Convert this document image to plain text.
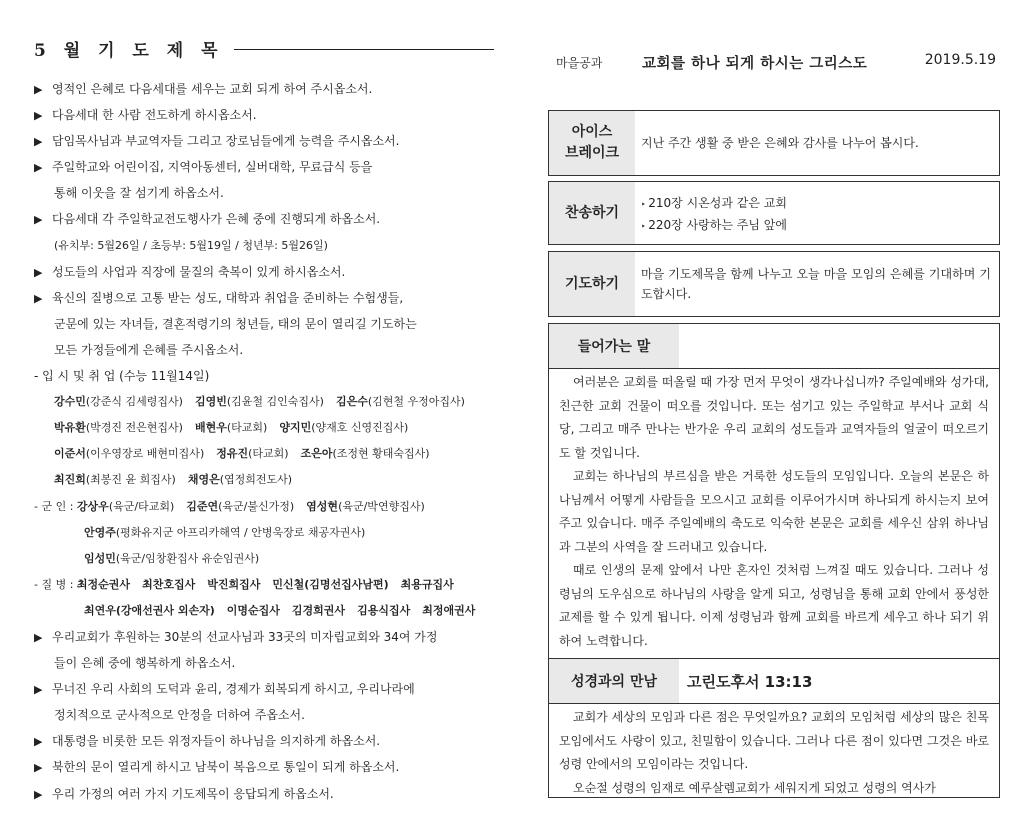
5 월 기 도 제 목
▶ 영적인 은혜로 다음세대를 세우는 교회 되게 하여 주시옵소서.
▶ 다음세대 한 사람 전도하게 하시옵소서.
▶ 담임목사님과 부교역자들 그리고 장로님들에게 능력을 주시옵소서.
▶ 주일학교와 어린이집, 지역아동센터, 실버대학, 무료급식 등을
통해 이웃을 잘 섬기게 하옵소서.
▶ 다음세대 각 주일학교전도행사가 은혜 중에 진행되게 하옵소서.
(유치부: 5월26일 / 초등부: 5월19일 / 청년부: 5월26일)
▶ 성도들의 사업과 직장에 물질의 축복이 있게 하시옵소서.
▶ 육신의 질병으로 고통 받는 성도, 대학과 취업을 준비하는 수험생들,
군문에 있는 자녀들, 결혼적령기의 청년들, 태의 문이 열리길 기도하는
모든 가정들에게 은혜를 주시옵소서.
- 입 시 및 취 업 (수능 11월14일)
강수민(강준식 김세령집사) 김영빈(김윤철 김인숙집사) 김은수(김현철 우정아집사)
박유환(박경진 전은현집사) 배현우(타교회) 양지민(양재호 신영진집사)
이준서(이우영장로 배현미집사) 정유진(타교회) 조은아(조정현 황태숙집사)
최진희(최봉진 윤 희집사) 채영은(엽정희전도사)
- 군 인 : 강상우(육군/타교회) 김준연(육군/불신가정) 염성현(육군/박연향집사)
안영주(평화유지군 아프리카해역 / 안병욱장로 채공자권사)
임성민(육군/임창환집사 유순임권사)
- 질 병 : 최정순권사 최찬호집사 박진희집사 민신철(김명선집사남편) 최용규집사
최연우(강애선권사 외손자) 이명순집사 김경희권사 김용식집사 최정애권사
▶ 우리교회가 후원하는 30분의 선교사님과 33곳의 미자립교회와 34여 가정
들이 은혜 중에 행복하게 하옵소서.
▶ 무너진 우리 사회의 도덕과 윤리, 경제가 회복되게 하시고, 우리나라에
정치적으로 군사적으로 안정을 더하여 주옵소서.
▶ 대통령을 비롯한 모든 위정자들이 하나님을 의지하게 하옵소서.
▶ 북한의 문이 열리게 하시고 남북이 복음으로 통일이 되게 하옵소서.
▶ 우리 가정의 여러 가지 기도제목이 응답되게 하옵소서.
마을공과	교회를 하나 되게 하시는 그리스도	2019.5.19
아이스
브레이크
지난 주간 생활 중 받은 은혜와 감사를 나누어 봅시다.
찬송하기	‣ 210장 시온성과 같은 교회
‣ 220장 사랑하는 주님 앞에
기도하기
마을 기도제목을 함께 나누고 오늘 마을 모임의 은혜를 기대하며 기도합시다.
들어가는 말

여러분은 교회를 떠올릴 때 가장 먼저 무엇이 생각나십니까? 주일예배와 성가대, 친근한 교회 건물이 떠오를 것입니다. 또는 섬기고 있는 주일학교 부서나 교회 식당, 그리고 매주 만나는 반가운 우리 교회의 성도들과 교역자들의 얼굴이 떠오르기도 할 것입니다.

교회는 하나님의 부르심을 받은 거룩한 성도들의 모임입니다. 오늘의 본문은 하나님께서 어떻게 사람들을 모으시고 교회를 이루어가시며 하나되게 하시는지 보여주고 있습니다. 매주 주일예배의 축도로 익숙한 본문은 교회를 세우신 삼위 하나님과 그분의 사역을 잘 드러내고 있습니다.

때로 인생의 문제 앞에서 나만 혼자인 것처럼 느껴질 때도 있습니다. 그러나 성령님의 도우심으로 하나님의 사랑을 알게 되고, 성령님을 통해 교회 안에서 풍성한 교제를 할 수 있게 됩니다. 이제 성령님과 함께 교회를 바르게 세우고 하나 되기 위하여 노력합니다.

성경과의 만남	고린도후서 13:13

교회가 세상의 모임과 다른 점은 무엇일까요? 교회의 모임처럼 세상의 많은 친목 모임에서도 사랑이 있고, 친밀함이 있습니다. 그러나 다른 점이 있다면 그것은 바로 성령 안에서의 모임이라는 것입니다.

오순절 성령의 임재로 예루살렘교회가 세워지게 되었고 성령의 역사가
